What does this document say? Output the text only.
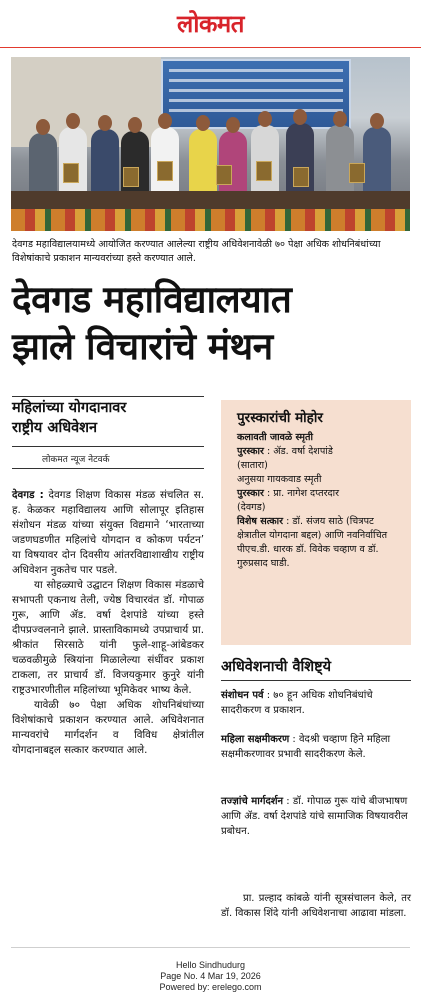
लोकमत
देवगड महाविद्यालयामध्ये आयोजित करण्यात आलेल्या राष्ट्रीय अधिवेशनावेळी ७० पेक्षा अधिक शोधनिबंधांच्या विशेषांकाचे प्रकाशन मान्यवरांच्या हस्ते करण्यात आले.
देवगड महाविद्यालयात
झाले विचारांचे मंथन
महिलांच्या योगदानावर
राष्ट्रीय अधिवेशन
लोकमत न्यूज नेटवर्क

देवगड : देवगड शिक्षण विकास मंडळ संचलित स. ह. केळकर महाविद्यालय आणि सोलापूर इतिहास संशोधन मंडळ यांच्या संयुक्त विद्यमाने ‘भारताच्या जडणघडणीत महिलांचे योगदान व कोकण पर्यटन’ या विषयावर दोन दिवसीय आंतरविद्याशाखीय राष्ट्रीय अधिवेशन नुकतेच पार पडले.

या सोहळ्याचे उद्घाटन शिक्षण विकास मंडळाचे सभापती एकनाथ तेली, ज्येष्ठ विचारवंत डॉ. गोपाळ गुरू, आणि ॲड. वर्षा देशपांडे यांच्या हस्ते दीपप्रज्वलनाने झाले. प्रास्ताविकामध्ये उपप्राचार्य प्रा. श्रीकांत सिरसाठे यांनी फुले-शाहू-आंबेडकर चळवळीमुळे स्त्रियांना मिळालेल्या संधींवर प्रकाश टाकला, तर प्राचार्य डॉ. विजयकुमार कुनुरे यांनी राष्ट्रउभारणीतील महिलांच्या भूमिकेवर भाष्य केले.

यावेळी ७० पेक्षा अधिक शोधनिबंधांच्या विशेषांकाचे प्रकाशन करण्यात आले. अधिवेशनात मान्यवरांचे मार्गदर्शन व विविध क्षेत्रांतील योगदानाबद्दल सत्कार करण्यात आले.

पुरस्कारांची मोहोर
कलावती जावळे स्मृती
पुरस्कार : ॲड. वर्षा देशपांडे
(सातारा)
अनुसया गायकवाड स्मृती
पुरस्कार : प्रा. नागेश दप्तरदार
(देवगड)
विशेष सत्कार : डॉ. संजय साठे (चित्रपट क्षेत्रातील योगदाना बद्दल) आणि नवनिर्वाचित पीएच.डी. धारक डॉ. विवेक चव्हाण व डॉ. गुरुप्रसाद घाडी.
अधिवेशनाची वैशिष्ट्ये
संशोधन पर्व : ७० हून अधिक शोधनिबंधांचे सादरीकरण व प्रकाशन.
महिला सक्षमीकरण : वेदश्री चव्हाण हिने महिला सक्षमीकरणावर प्रभावी सादरीकरण केले.
तज्ज्ञांचे मार्गदर्शन : डॉ. गोपाळ गुरू यांचे बीजभाषण आणि ॲड. वर्षा देशपांडे यांचे सामाजिक विषयावरील प्रबोधन.

प्रा. प्रल्हाद कांबळे यांनी सूत्रसंचालन केले, तर डॉ. विकास शिंदे यांनी अधिवेशनाचा आढावा मांडला.

Hello Sindhudurg
Page No. 4 Mar 19, 2026
Powered by: erelego.com
